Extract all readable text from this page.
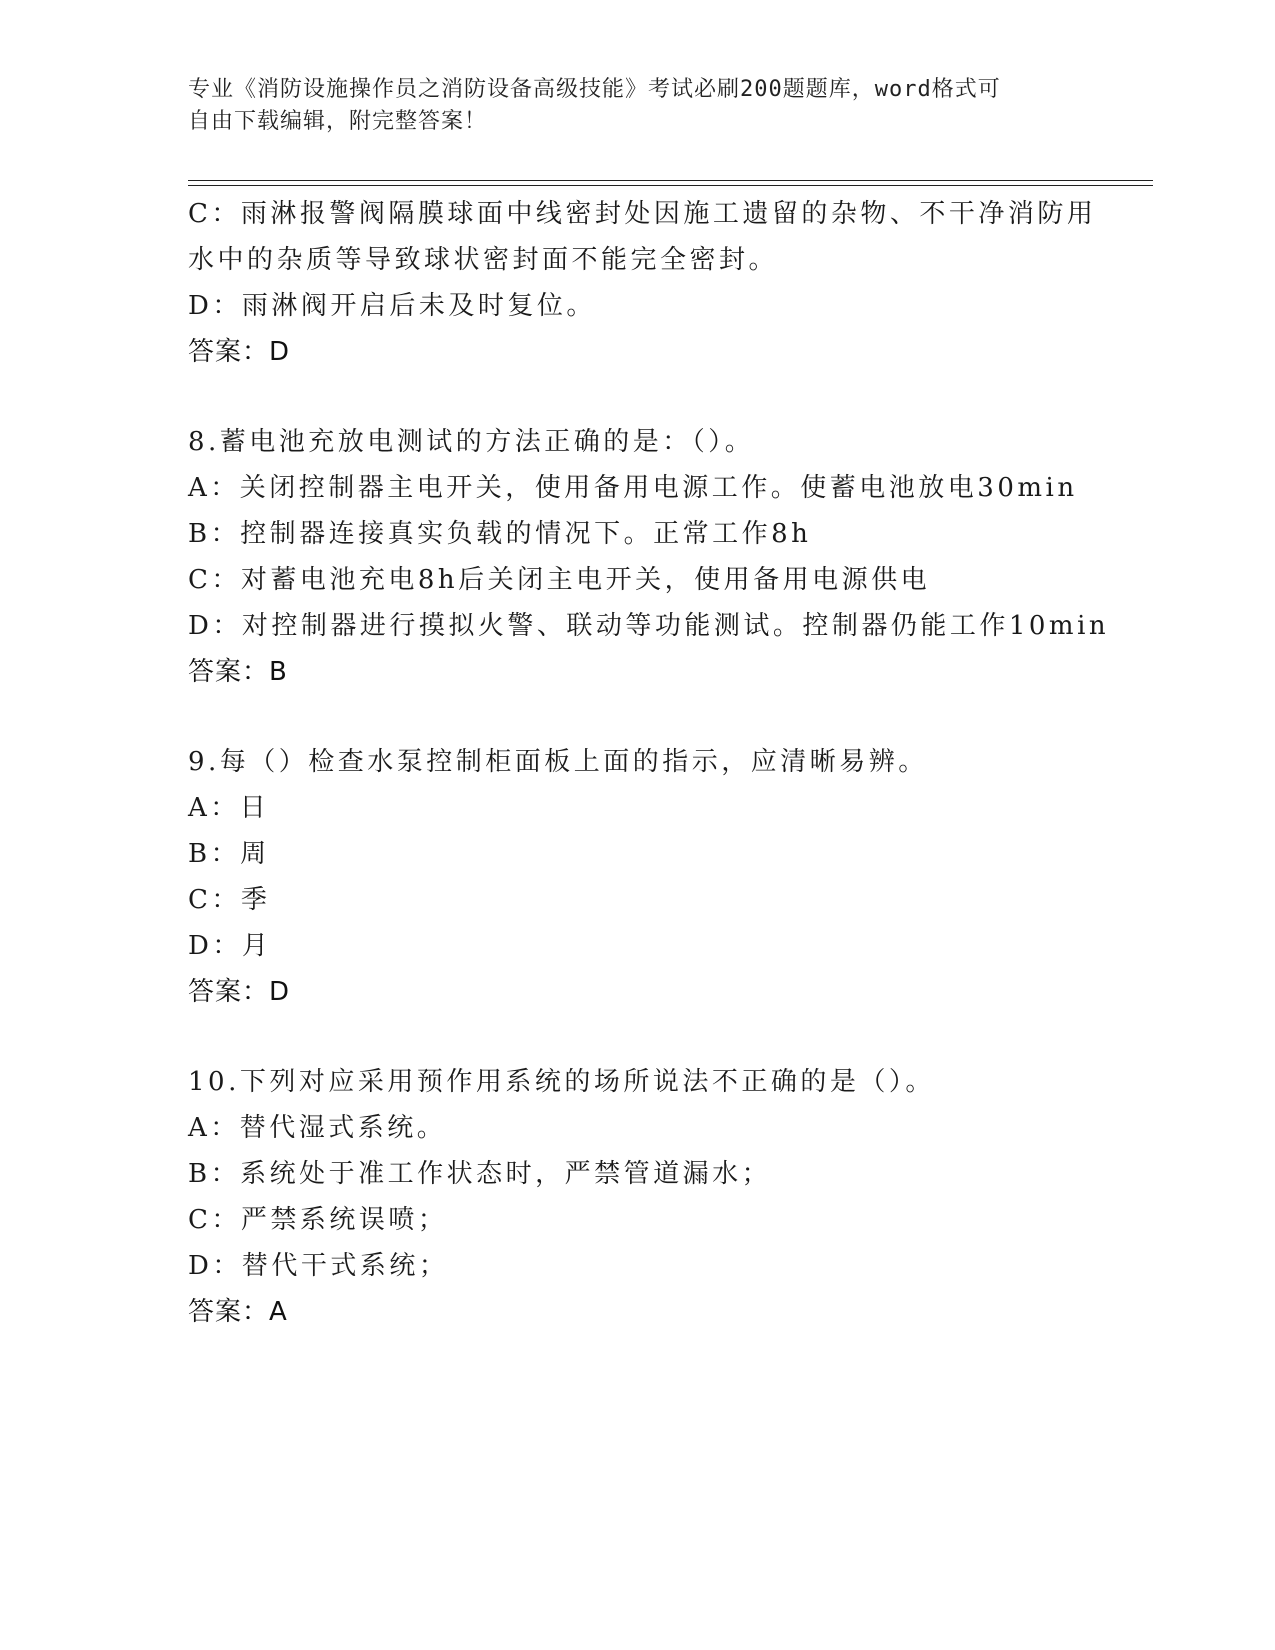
专业《消防设施操作员之消防设备高级技能》考试必刷200题题库，word格式可
自由下载编辑，附完整答案！
C：雨淋报警阀隔膜球面中线密封处因施工遗留的杂物、不干净消防用
水中的杂质等导致球状密封面不能完全密封。
D：雨淋阀开启后未及时复位。
答案：D
8.蓄电池充放电测试的方法正确的是：（）。
A：关闭控制器主电开关，使用备用电源工作。使蓄电池放电30min
B：控制器连接真实负载的情况下。正常工作8h
C：对蓄电池充电8h后关闭主电开关，使用备用电源供电
D：对控制器进行摸拟火警、联动等功能测试。控制器仍能工作10min
答案：B
9.每（）检查水泵控制柜面板上面的指示，应清晰易辨。
A：日
B：周
C：季
D：月
答案：D
10.下列对应采用预作用系统的场所说法不正确的是（）。
A：替代湿式系统。
B：系统处于准工作状态时，严禁管道漏水；
C：严禁系统误喷；
D：替代干式系统；
答案：A
